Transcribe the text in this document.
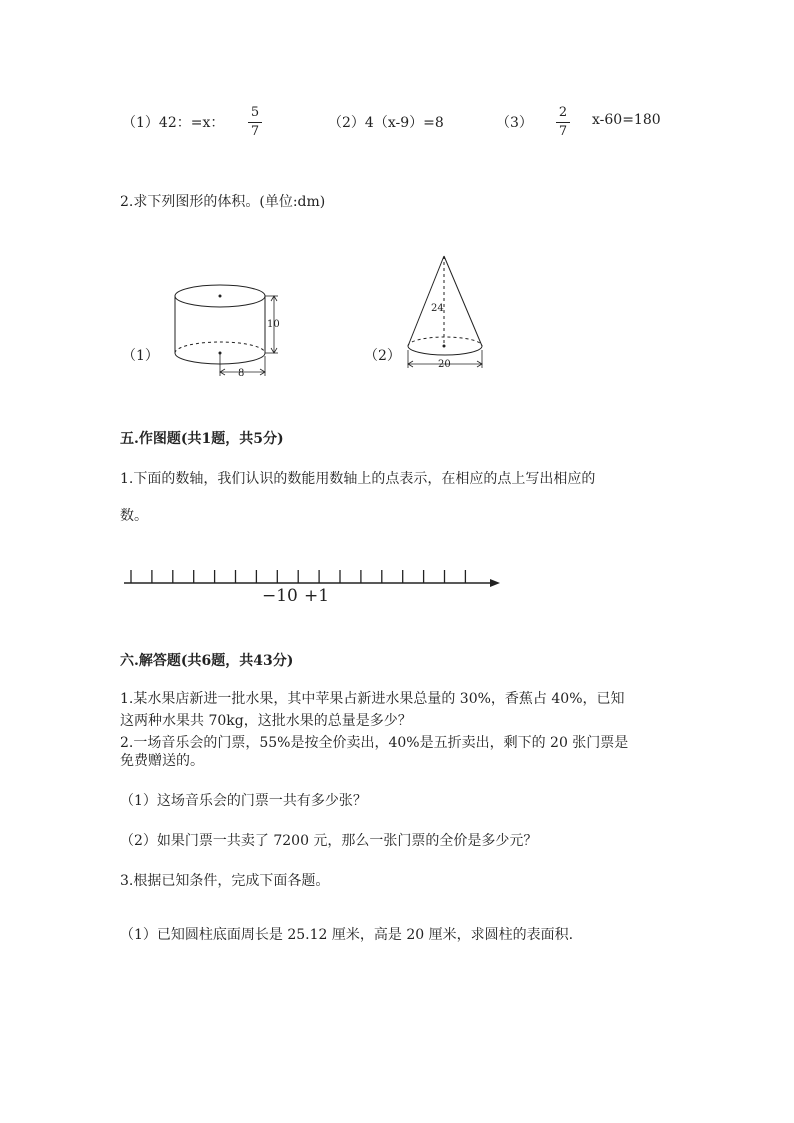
（1）42：=x：
5
7
（2）4（x-9）=8	（3）
2
7
x-60=180
2.求下列图形的体积。(单位:dm)
（1）
10
8
（2）
24
20
五.作图题(共1题，共5分)
1.下面的数轴，我们认识的数能用数轴上的点表示，在相应的点上写出相应的
数。
−1 0 +1
六.解答题(共6题，共43分)
1.某水果店新进一批水果，其中苹果占新进水果总量的 30%，香蕉占 40%，已知
这两种水果共 70kg，这批水果的总量是多少？
2.一场音乐会的门票，55%是按全价卖出，40%是五折卖出，剩下的 20 张门票是
免费赠送的。
（1）这场音乐会的门票一共有多少张？
（2）如果门票一共卖了 7200 元，那么一张门票的全价是多少元？
3.根据已知条件，完成下面各题。
（1）已知圆柱底面周长是 25.12 厘米，高是 20 厘米，求圆柱的表面积.
